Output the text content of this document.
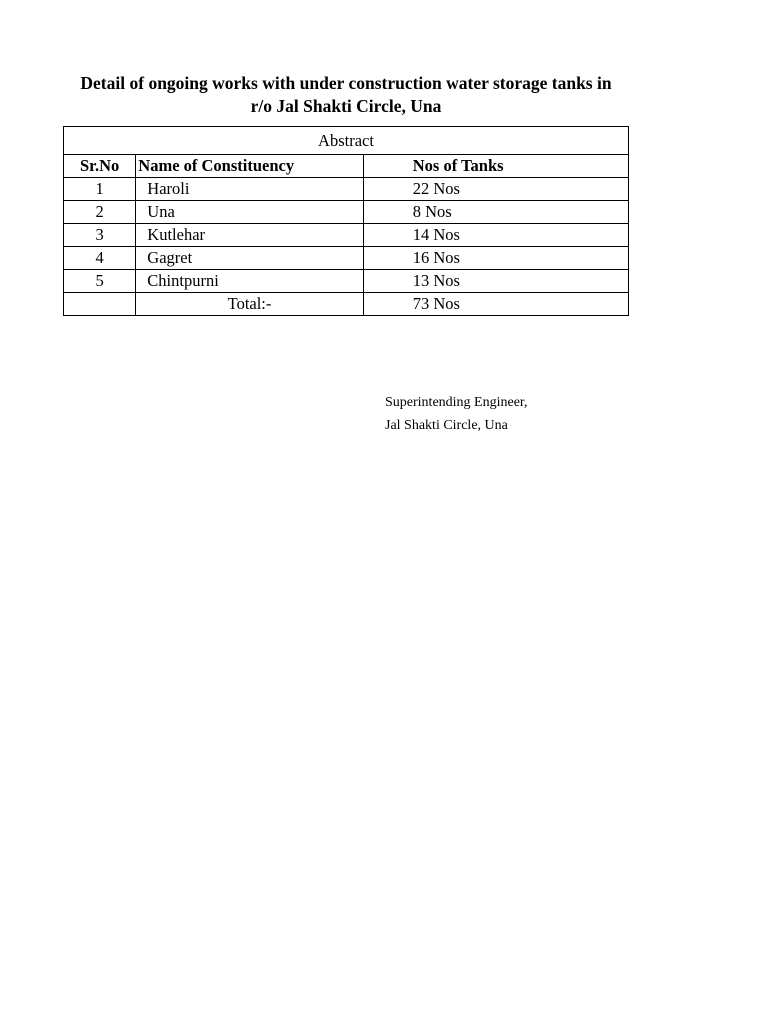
Detail of ongoing works with under construction water storage tanks in

r/o Jal Shakti Circle, Una

Abstract		
Sr.No	Name of Constituency	Nos of Tanks
1	Haroli	22 Nos
2	Una	8 Nos
3	Kutlehar	14 Nos
4	Gagret	16 Nos
5	Chintpurni	13 Nos
	Total:-	73 Nos
Superintending Engineer,
Jal Shakti Circle, Una
